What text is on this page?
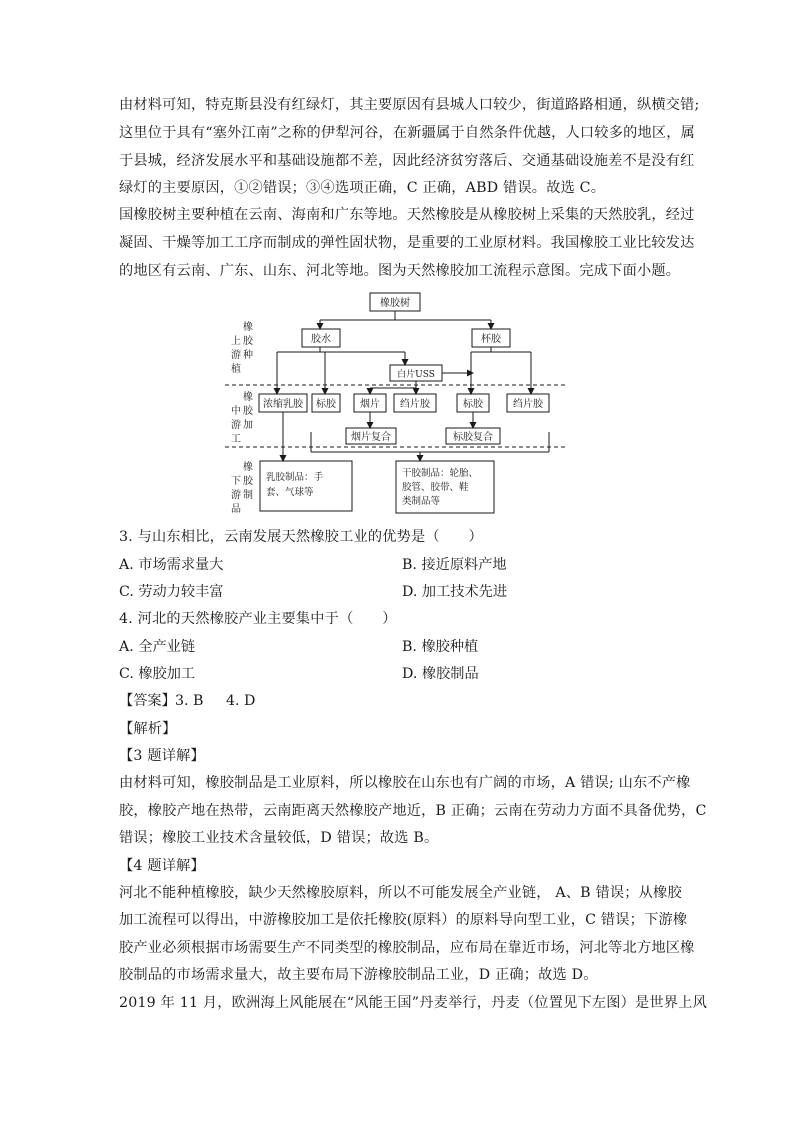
由材料可知，特克斯县没有红绿灯，其主要原因有县城人口较少，街道路路相通，纵横交错;
这里位于具有“塞外江南”之称的伊犁河谷，在新疆属于自然条件优越，人口较多的地区，属
于县城，经济发展水平和基础设施都不差，因此经济贫穷落后、交通基础设施差不是没有红
绿灯的主要原因，①②错误；③④选项正确，C 正确，ABD 错误。故选 C。
国橡胶树主要种植在云南、海南和广东等地。天然橡胶是从橡胶树上采集的天然胶乳，经过
凝固、干燥等加工工序而制成的弹性固状物，是重要的工业原材料。我国橡胶工业比较发达
的地区有云南、广东、山东、河北等地。图为天然橡胶加工流程示意图。完成下面小题。
橡
胶
上
游 种
植
橡
胶
中
游 加
工
橡
胶
下
游 制
品
橡胶树
胶水	杯胶
白片USS
浓缩乳胶 标胶 烟片 绉片胶	标胶	绉片胶
烟片复合	标胶复合
乳胶制品：手
套、气球等
干胶制品：轮胎、
胶管、胶带、鞋
类制品等
3. 与山东相比，云南发展天然橡胶工业的优势是（　　）
A. 市场需求量大	B. 接近原料产地
C. 劳动力较丰富	D. 加工技术先进
4. 河北的天然橡胶产业主要集中于（　　）
A. 全产业链	B. 橡胶种植
C. 橡胶加工	D. 橡胶制品
【答案】 3. B 4. D
【解析】
【3 题详解】
由材料可知，橡胶制品是工业原料，所以橡胶在山东也有广阔的市场，A 错误; 山东不产橡
胶，橡胶产地在热带，云南距离天然橡胶产地近，B 正确；云南在劳动力方面不具备优势，C
错误；橡胶工业技术含量较低，D 错误；故选 B。
【4 题详解】
河北不能种植橡胶，缺少天然橡胶原料，所以不可能发展全产业链， A、B 错误；从橡胶
加工流程可以得出，中游橡胶加工是依托橡胶(原料）的原料导向型工业，C 错误；下游橡
胶产业必须根据市场需要生产不同类型的橡胶制品，应布局在靠近市场，河北等北方地区橡
胶制品的市场需求量大，故主要布局下游橡胶制品工业，D 正确；故选 D。
2019 年 11 月，欧洲海上风能展在“风能王国”丹麦举行，丹麦（位置见下左图）是世界上风
